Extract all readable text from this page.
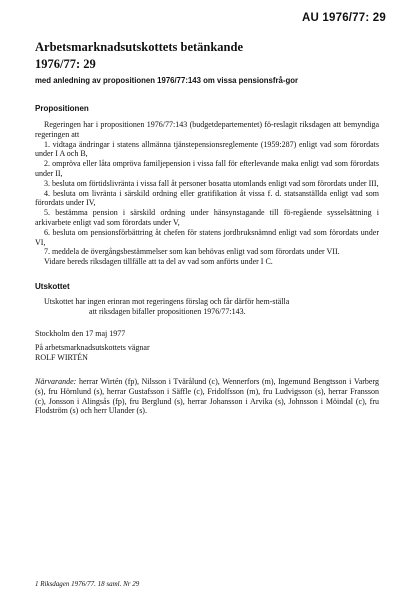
AU 1976/77: 29

Arbetsmarknadsutskottets betänkande

1976/77: 29

med anledning av propositionen 1976/77:143 om vissa pensionsfrå-gor

Propositionen

Regeringen har i propositionen 1976/77:143 (budgetdepartementet) fö-reslagit riksdagen att bemyndiga regeringen att

1. vidtaga ändringar i statens allmänna tjänstepensionsreglemente (1959:287) enligt vad som förordats under I A och B,

2. ompröva eller låta ompröva familjepension i vissa fall för efterlevande maka enligt vad som förordats under II,

3. besluta om förtidslivränta i vissa fall åt personer bosatta utomlands enligt vad som förordats under III,

4. besluta om livränta i särskild ordning eller gratifikation åt vissa f. d. statsanställda enligt vad som förordats under IV,

5. bestämma pension i särskild ordning under hänsynstagande till fö-regående sysselsättning i arkivarbete enligt vad som förordats under V,

6. besluta om pensionsförbättring åt chefen för statens jordbruksnämnd enligt vad som förordats under VI,

7. meddela de övergångsbestämmelser som kan behövas enligt vad som förordats under VII.

Vidare bereds riksdagen tillfälle att ta del av vad som anförts under I C.

Utskottet

Utskottet har ingen erinran mot regeringens förslag och får därför hem-ställa

att riksdagen bifaller propositionen 1976/77:143.

Stockholm den 17 maj 1977

På arbetsmarknadsutskottets vägnar

ROLF WIRTÉN

Närvarande: herrar Wirtén (fp), Nilsson i Tvärålund (c), Wennerfors (m), Ingemund Bengtsson i Varberg (s), fru Hörnlund (s), herrar Gustafsson i Säffle (c), Fridolfsson (m), fru Ludvigsson (s), herrar Fransson (c), Jonsson i Alingsås (fp), fru Berglund (s), herrar Johansson i Arvika (s), Johnsson i Möindal (c), fru Flodström (s) och herr Ulander (s).

1 Riksdagen 1976/77. 18 saml. Nr 29
